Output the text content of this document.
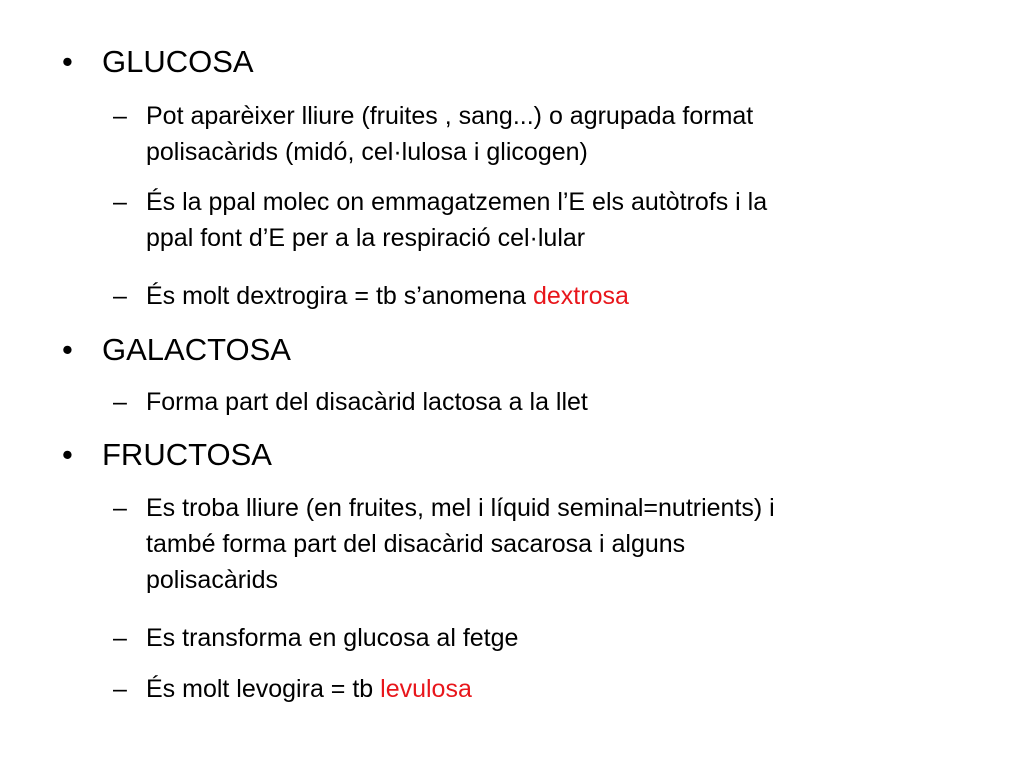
• GLUCOSA
– Pot aparèixer lliure (fruites , sang...) o agrupada format
polisacàrids (midó, cel·lulosa i glicogen)
– És la ppal molec on emmagatzemen l’E els autòtrofs i la
ppal font d’E per a la respiració cel·lular
– És molt dextrogira = tb s’anomena dextrosa
• GALACTOSA
– Forma part del disacàrid lactosa a la llet
• FRUCTOSA
– Es troba lliure (en fruites, mel i líquid seminal=nutrients) i
també forma part del disacàrid sacarosa i alguns
polisacàrids
– Es transforma en glucosa al fetge
– És molt levogira = tb levulosa
